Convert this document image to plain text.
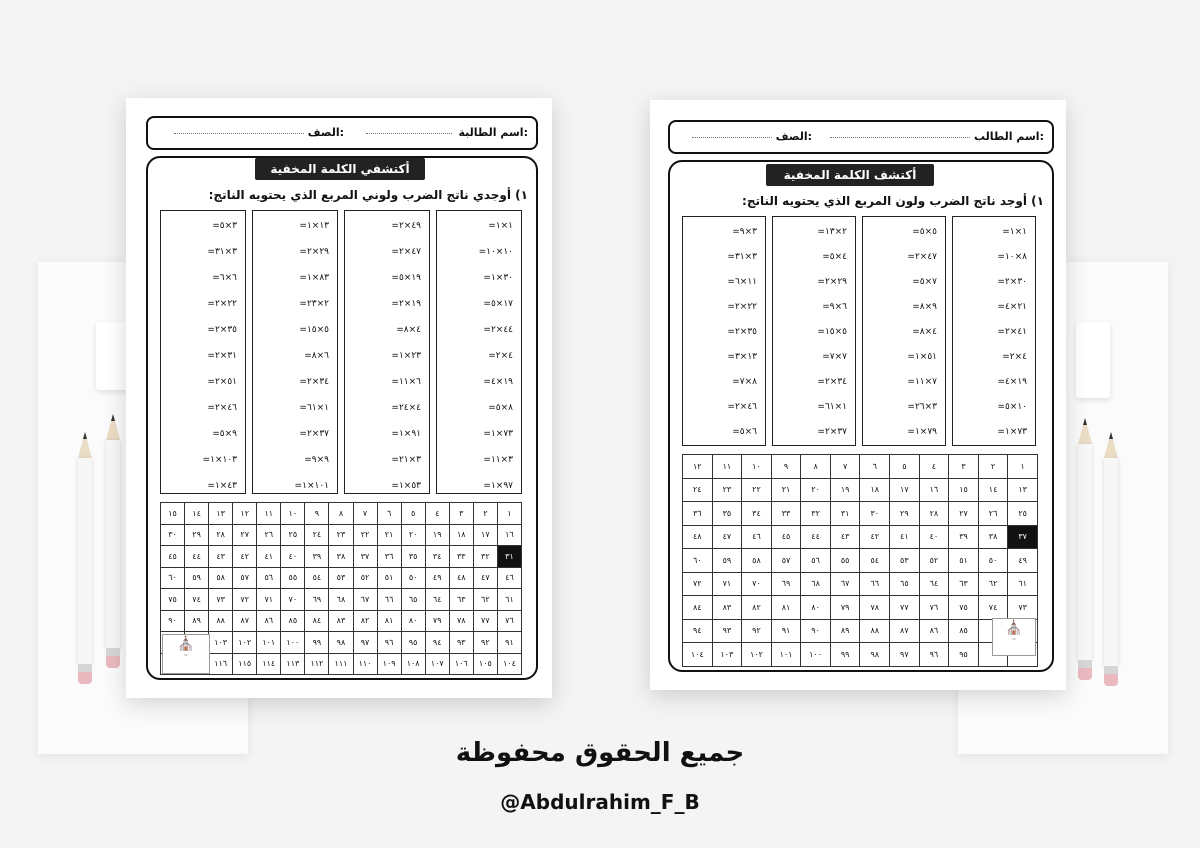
اسم الطالبة:
الصف:
أكتشفي الكلمة المخفية
١) أوجدي ناتج الضرب ولوني المربع الذي يحتويه الناتج:
١×١=
١٠×١٠=
٣٠×١=
١٧×٥=
٤٤×٢=
٤×٢=
١٩×٤=
٨×٥=
٧٣×١=
٣×١١=
٩٧×١=
٤٩×٢=
٤٧×٢=
١٩×٥=
١٩×٢=
٤×٨=
٢٣×١=
٦×١١=
٤×٢٤=
٩١×١=
٣×٢١=
٥٣×١=
١٣×١=
٢٩×٢=
٨٣×١=
٢×٢٣=
٥×١٥=
٦×٨=
٣٤×٢=
١×٦١=
٣٧×٢=
٩×٩=
١٠١×١=
٣×٥=
٣×٣١=
٦×٦=
٢٢×٢=
٣٥×٢=
٣١×٢=
٥١×٢=
٤٦×٢=
٩×٥=
١٠٣×١=
٤٣×١=
١٥	١٤	١٣	١٢	١١	١٠	٩	٨	٧	٦	٥	٤	٣	٢	١
٣٠	٢٩	٢٨	٢٧	٢٦	٢٥	٢٤	٢٣	٢٢	٢١	٢٠	١٩	١٨	١٧	١٦
٤٥	٤٤	٤٣	٤٢	٤١	٤٠	٣٩	٣٨	٣٧	٣٦	٣٥	٣٤	٣٣	٣٢	٣١
٦٠	٥٩	٥٨	٥٧	٥٦	٥٥	٥٤	٥٣	٥٢	٥١	٥٠	٤٩	٤٨	٤٧	٤٦
٧٥	٧٤	٧٣	٧٢	٧١	٧٠	٦٩	٦٨	٦٧	٦٦	٦٥	٦٤	٦٣	٦٢	٦١
٩٠	٨٩	٨٨	٨٧	٨٦	٨٥	٨٤	٨٣	٨٢	٨١	٨٠	٧٩	٧٨	٧٧	٧٦
		١٠٣	١٠٢	١٠١	١٠٠	٩٩	٩٨	٩٧	٩٦	٩٥	٩٤	٩٣	٩٢	٩١
		١١٦	١١٥	١١٤	١١٣	١١٢	١١١	١١٠	١٠٩	١٠٨	١٠٧	١٠٦	١٠٥	١٠٤
⛪
~
اسم الطالب:
الصف:
أكتشف الكلمة المخفية
١) أوجد ناتج الضرب ولون المربع الذي يحتويه الناتج:
١×١=
٨×١٠=
٣٠×٢=
٢١×٤=
٤١×٢=
٤×٢=
١٩×٤=
١٠×٥=
٧٣×١=
٥×٥=
٤٧×٢=
٧×٥=
٩×٨=
٤×٨=
٥١×١=
٧×١١=
٣×٢٦=
٧٩×١=
٢×١٣=
٤×٥=
٢٩×٢=
٦×٩=
٥×١٥=
٧×٧=
٣٤×٢=
١×٦١=
٣٧×٢=
٣×٩=
٣×٣١=
١١×٦=
٢٢×٢=
٣٥×٢=
١٣×٣=
٨×٧=
٤٦×٢=
٦×٥=
١٢	١١	١٠	٩	٨	٧	٦	٥	٤	٣	٢	١
٢٤	٢٣	٢٢	٢١	٢٠	١٩	١٨	١٧	١٦	١٥	١٤	١٣
٣٦	٣٥	٣٤	٣٣	٣٢	٣١	٣٠	٢٩	٢٨	٢٧	٢٦	٢٥
٤٨	٤٧	٤٦	٤٥	٤٤	٤٣	٤٢	٤١	٤٠	٣٩	٣٨	٣٧
٦٠	٥٩	٥٨	٥٧	٥٦	٥٥	٥٤	٥٣	٥٢	٥١	٥٠	٤٩
٧٢	٧١	٧٠	٦٩	٦٨	٦٧	٦٦	٦٥	٦٤	٦٣	٦٢	٦١
٨٤	٨٣	٨٢	٨١	٨٠	٧٩	٧٨	٧٧	٧٦	٧٥	٧٤	٧٣
٩٤	٩٣	٩٢	٩١	٩٠	٨٩	٨٨	٨٧	٨٦	٨٥		
١٠٤	١٠٣	١٠٢	١٠١	١٠٠	٩٩	٩٨	٩٧	٩٦	٩٥		
⛪
~
جميع الحقوق محفوظة
@Abdulrahim_F_B
